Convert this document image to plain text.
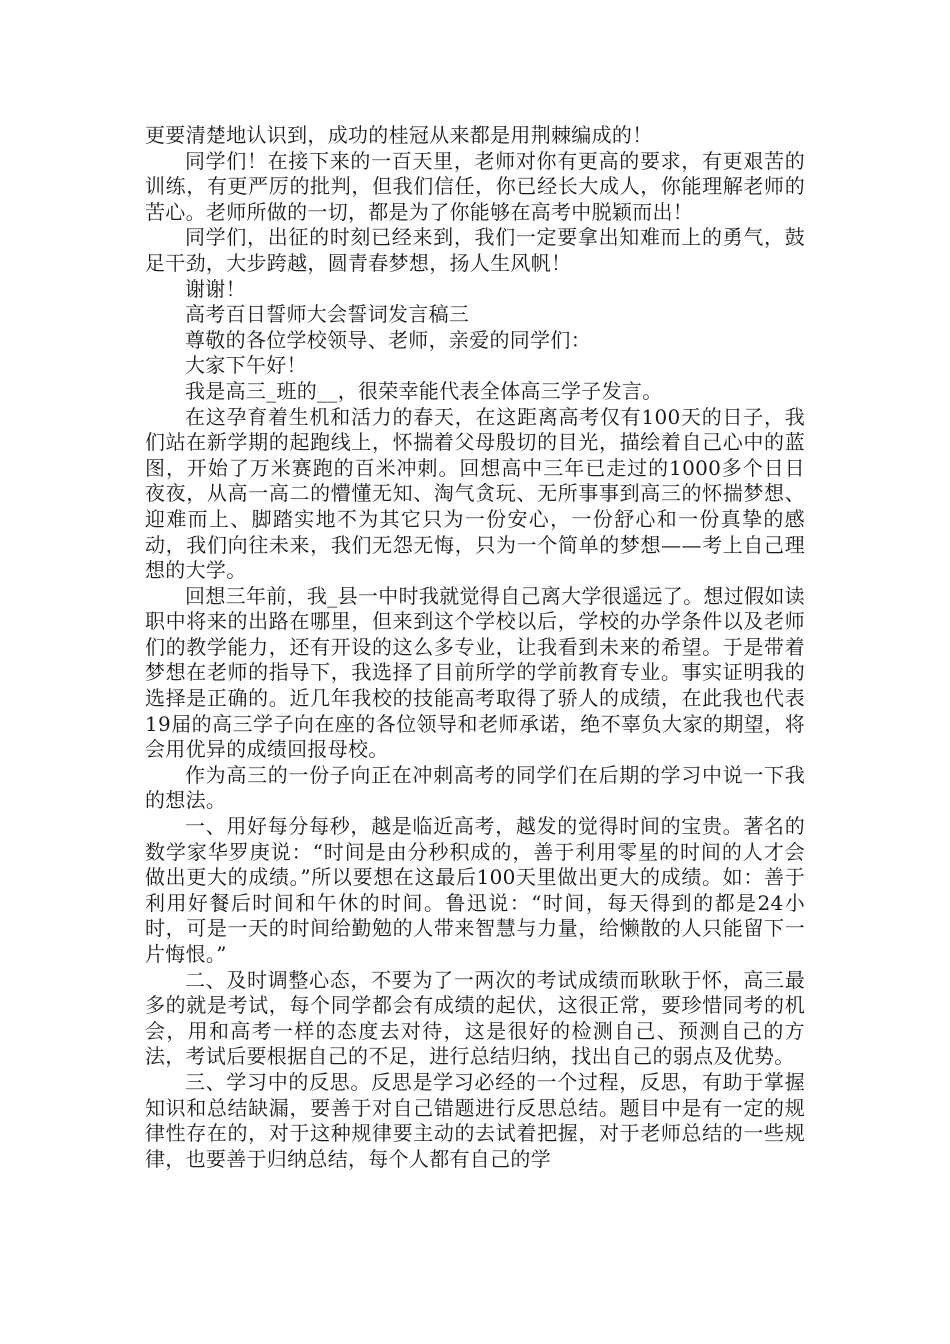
更要清楚地认识到，成功的桂冠从来都是用荆棘编成的！

同学们！在接下来的一百天里，老师对你有更高的要求，有更艰苦的训练，有更严厉的批判，但我们信任，你已经长大成人，你能理解老师的苦心。老师所做的一切，都是为了你能够在高考中脱颖而出！

同学们，出征的时刻已经来到，我们一定要拿出知难而上的勇气，鼓足干劲，大步跨越，圆青春梦想，扬人生风帆！

谢谢！

高考百日誓师大会誓词发言稿三

尊敬的各位学校领导、老师，亲爱的同学们：

大家下午好！

我是高三_班的__，很荣幸能代表全体高三学子发言。

在这孕育着生机和活力的春天，在这距离高考仅有100天的日子，我们站在新学期的起跑线上，怀揣着父母殷切的目光，描绘着自己心中的蓝图，开始了万米赛跑的百米冲刺。回想高中三年已走过的1000多个日日夜夜，从高一高二的懵懂无知、淘气贪玩、无所事事到高三的怀揣梦想、迎难而上、脚踏实地不为其它只为一份安心，一份舒心和一份真挚的感动，我们向往未来，我们无怨无悔，只为一个简单的梦想——考上自己理想的大学。

回想三年前，我_县一中时我就觉得自己离大学很遥远了。想过假如读职中将来的出路在哪里，但来到这个学校以后，学校的办学条件以及老师们的教学能力，还有开设的这么多专业，让我看到未来的希望。于是带着梦想在老师的指导下，我选择了目前所学的学前教育专业。事实证明我的选择是正确的。近几年我校的技能高考取得了骄人的成绩，在此我也代表19届的高三学子向在座的各位领导和老师承诺，绝不辜负大家的期望，将会用优异的成绩回报母校。

作为高三的一份子向正在冲刺高考的同学们在后期的学习中说一下我的想法。

一、用好每分每秒，越是临近高考，越发的觉得时间的宝贵。著名的数学家华罗庚说：“时间是由分秒积成的，善于利用零星的时间的人才会做出更大的成绩。”所以要想在这最后100天里做出更大的成绩。如：善于利用好餐后时间和午休的时间。鲁迅说：“时间，每天得到的都是24小时，可是一天的时间给勤勉的人带来智慧与力量，给懒散的人只能留下一片悔恨。”

二、及时调整心态，不要为了一两次的考试成绩而耿耿于怀，高三最多的就是考试，每个同学都会有成绩的起伏，这很正常，要珍惜同考的机会，用和高考一样的态度去对待，这是很好的检测自己、预测自己的方法，考试后要根据自己的不足，进行总结归纳，找出自己的弱点及优势。

三、学习中的反思。反思是学习必经的一个过程，反思，有助于掌握知识和总结缺漏，要善于对自己错题进行反思总结。题目中是有一定的规律性存在的，对于这种规律要主动的去试着把握，对于老师总结的一些规律，也要善于归纳总结，每个人都有自己的学
